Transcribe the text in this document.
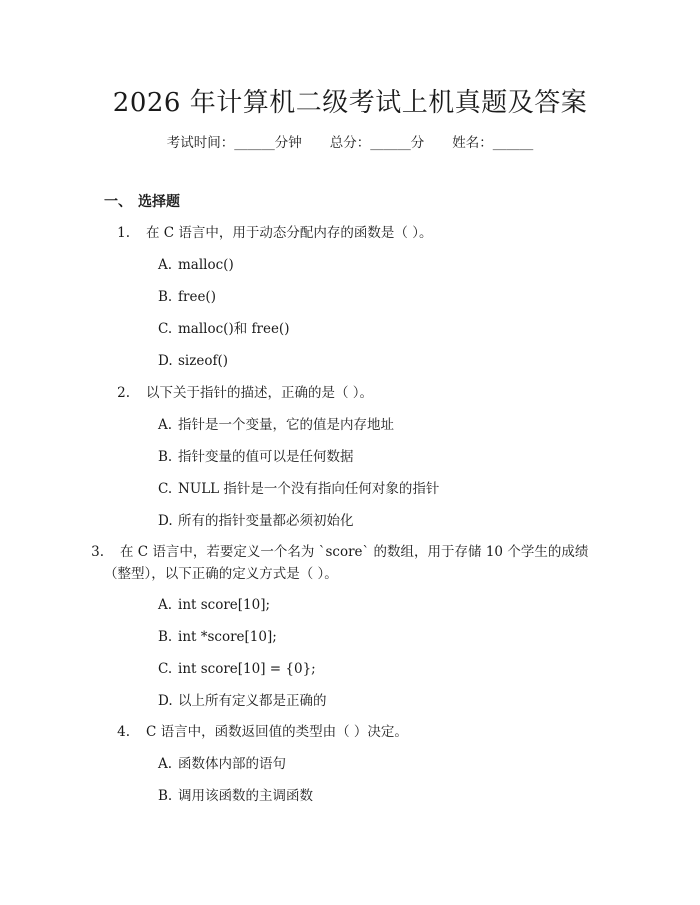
2026 年计算机二级考试上机真题及答案
考试时间：______分钟 总分：______分 姓名：______
一、 选择题
1. 在 C 语言中，用于动态分配内存的函数是（ ）。
A. malloc()
B. free()
C. malloc()和 free()
D. sizeof()
2. 以下关于指针的描述，正确的是（ ）。
A. 指针是一个变量，它的值是内存地址
B. 指针变量的值可以是任何数据
C. NULL 指针是一个没有指向任何对象的指针
D. 所有的指针变量都必须初始化
3. 在 C 语言中，若要定义一个名为 `score` 的数组，用于存储 10 个学生的成绩（整型），以下正确的定义方式是（ ）。
A. int score[10];
B. int *score[10];
C. int score[10] = {0};
D. 以上所有定义都是正确的
4. C 语言中，函数返回值的类型由（ ）决定。
A. 函数体内部的语句
B. 调用该函数的主调函数
